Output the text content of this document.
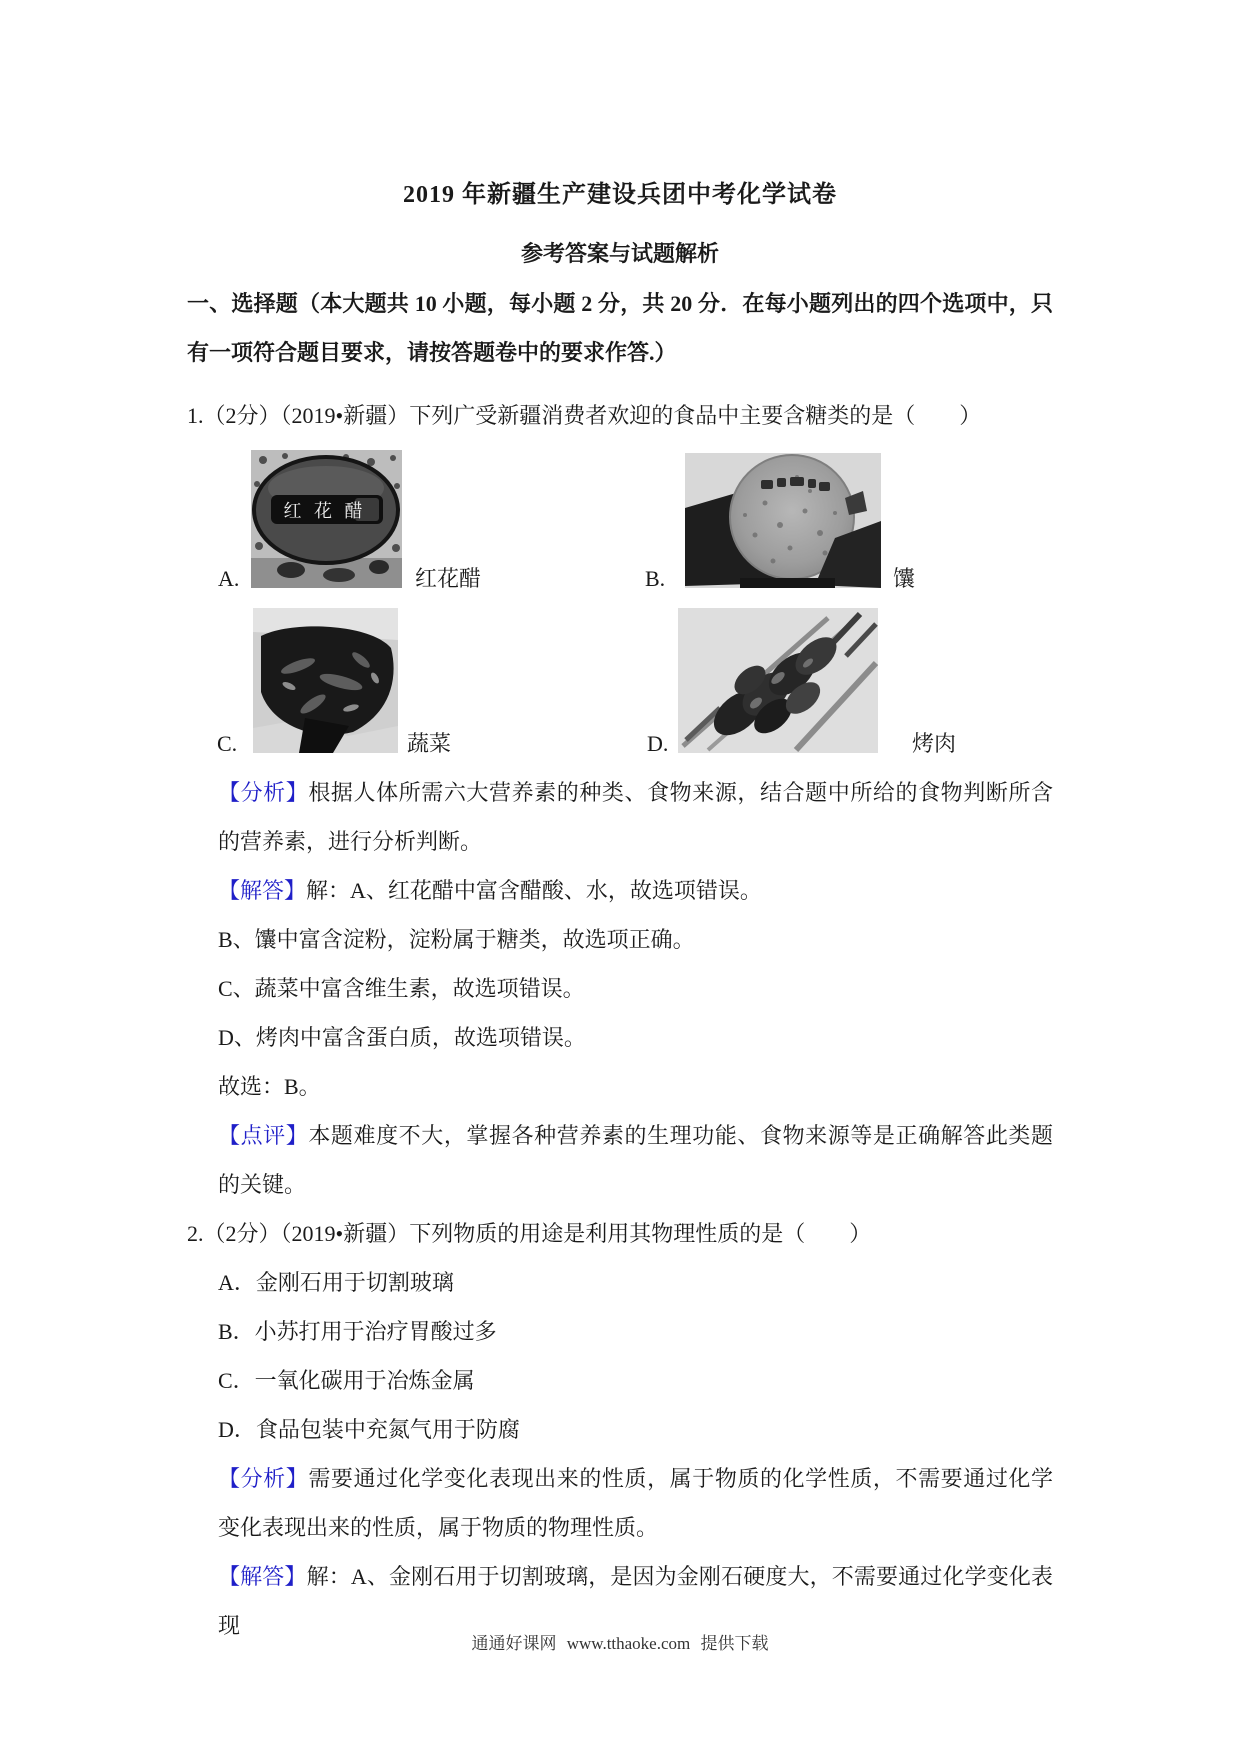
2019 年新疆生产建设兵团中考化学试卷
参考答案与试题解析

一、选择题（本大题共 10 小题，每小题 2 分，共 20 分．在每小题列出的四个选项中，只有一项符合题目要求，请按答题卷中的要求作答.）

1.（2分）（2019•新疆）下列广受新疆消费者欢迎的食品中主要含糖类的是（　　）

A.
红 花 醋
红花醋	B.	馕
C.	蔬菜	D.	烤肉

【分析】根据人体所需六大营养素的种类、食物来源，结合题中所给的食物判断所含的营养素，进行分析判断。

【解答】解：A、红花醋中富含醋酸、水，故选项错误。

B、馕中富含淀粉，淀粉属于糖类，故选项正确。

C、蔬菜中富含维生素，故选项错误。

D、烤肉中富含蛋白质，故选项错误。

故选：B。

【点评】本题难度不大，掌握各种营养素的生理功能、食物来源等是正确解答此类题的关键。

2.（2分）（2019•新疆）下列物质的用途是利用其物理性质的是（　　）

A．金刚石用于切割玻璃

B．小苏打用于治疗胃酸过多

C．一氧化碳用于冶炼金属

D．食品包装中充氮气用于防腐

【分析】需要通过化学变化表现出来的性质，属于物质的化学性质，不需要通过化学变化表现出来的性质，属于物质的物理性质。

【解答】解：A、金刚石用于切割玻璃，是因为金刚石硬度大，不需要通过化学变化表现

通通好课网 www.tthaoke.com 提供下载
